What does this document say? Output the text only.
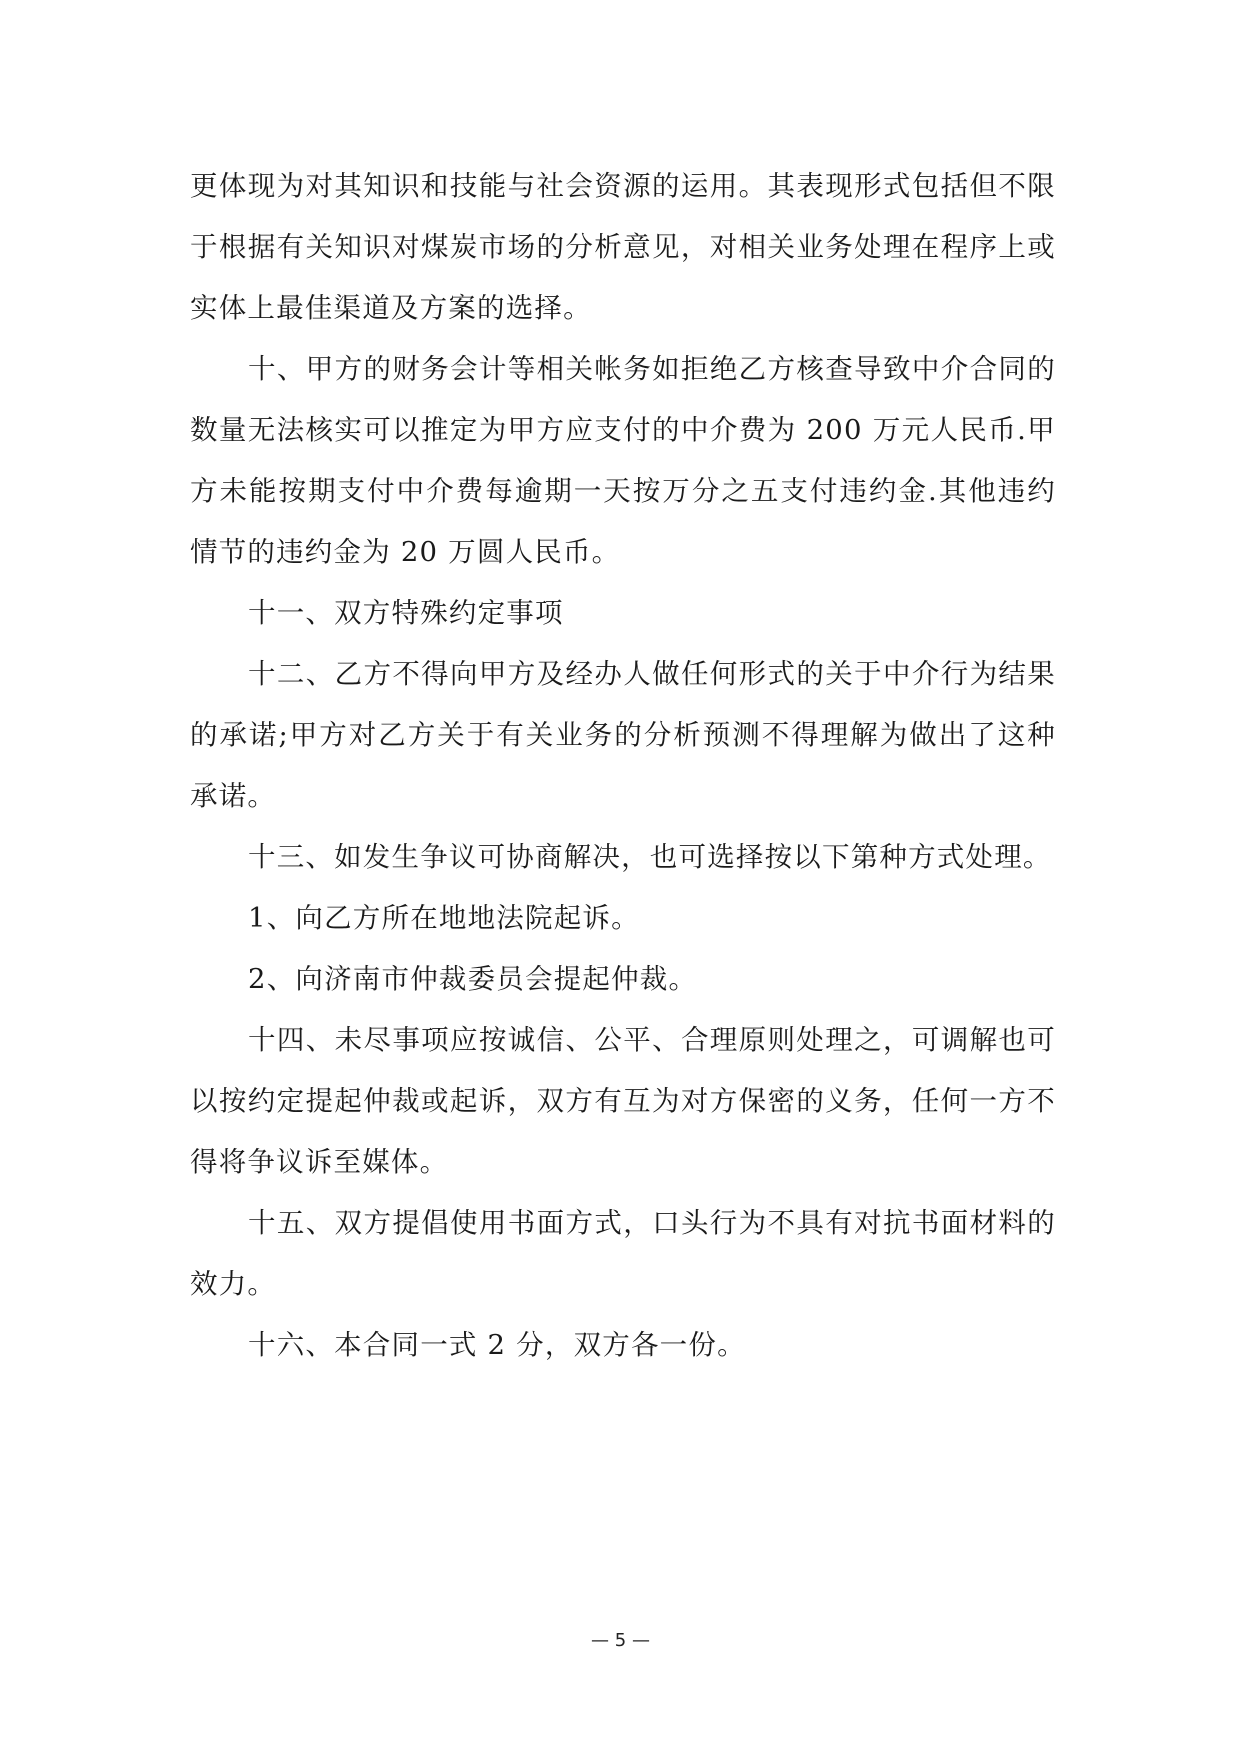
更体现为对其知识和技能与社会资源的运用。其表现形式包括但不限于根据有关知识对煤炭市场的分析意见，对相关业务处理在程序上或实体上最佳渠道及方案的选择。

十、甲方的财务会计等相关帐务如拒绝乙方核查导致中介合同的数量无法核实可以推定为甲方应支付的中介费为 200 万元人民币.甲方未能按期支付中介费每逾期一天按万分之五支付违约金.其他违约情节的违约金为 20 万圆人民币。

十一、双方特殊约定事项

十二、乙方不得向甲方及经办人做任何形式的关于中介行为结果的承诺;甲方对乙方关于有关业务的分析预测不得理解为做出了这种承诺。

十三、如发生争议可协商解决，也可选择按以下第种方式处理。

1、向乙方所在地地法院起诉。

2、向济南市仲裁委员会提起仲裁。

十四、未尽事项应按诚信、公平、合理原则处理之，可调解也可以按约定提起仲裁或起诉，双方有互为对方保密的义务，任何一方不得将争议诉至媒体。

十五、双方提倡使用书面方式，口头行为不具有对抗书面材料的效力。

十六、本合同一式 2 分，双方各一份。

— 5 —
